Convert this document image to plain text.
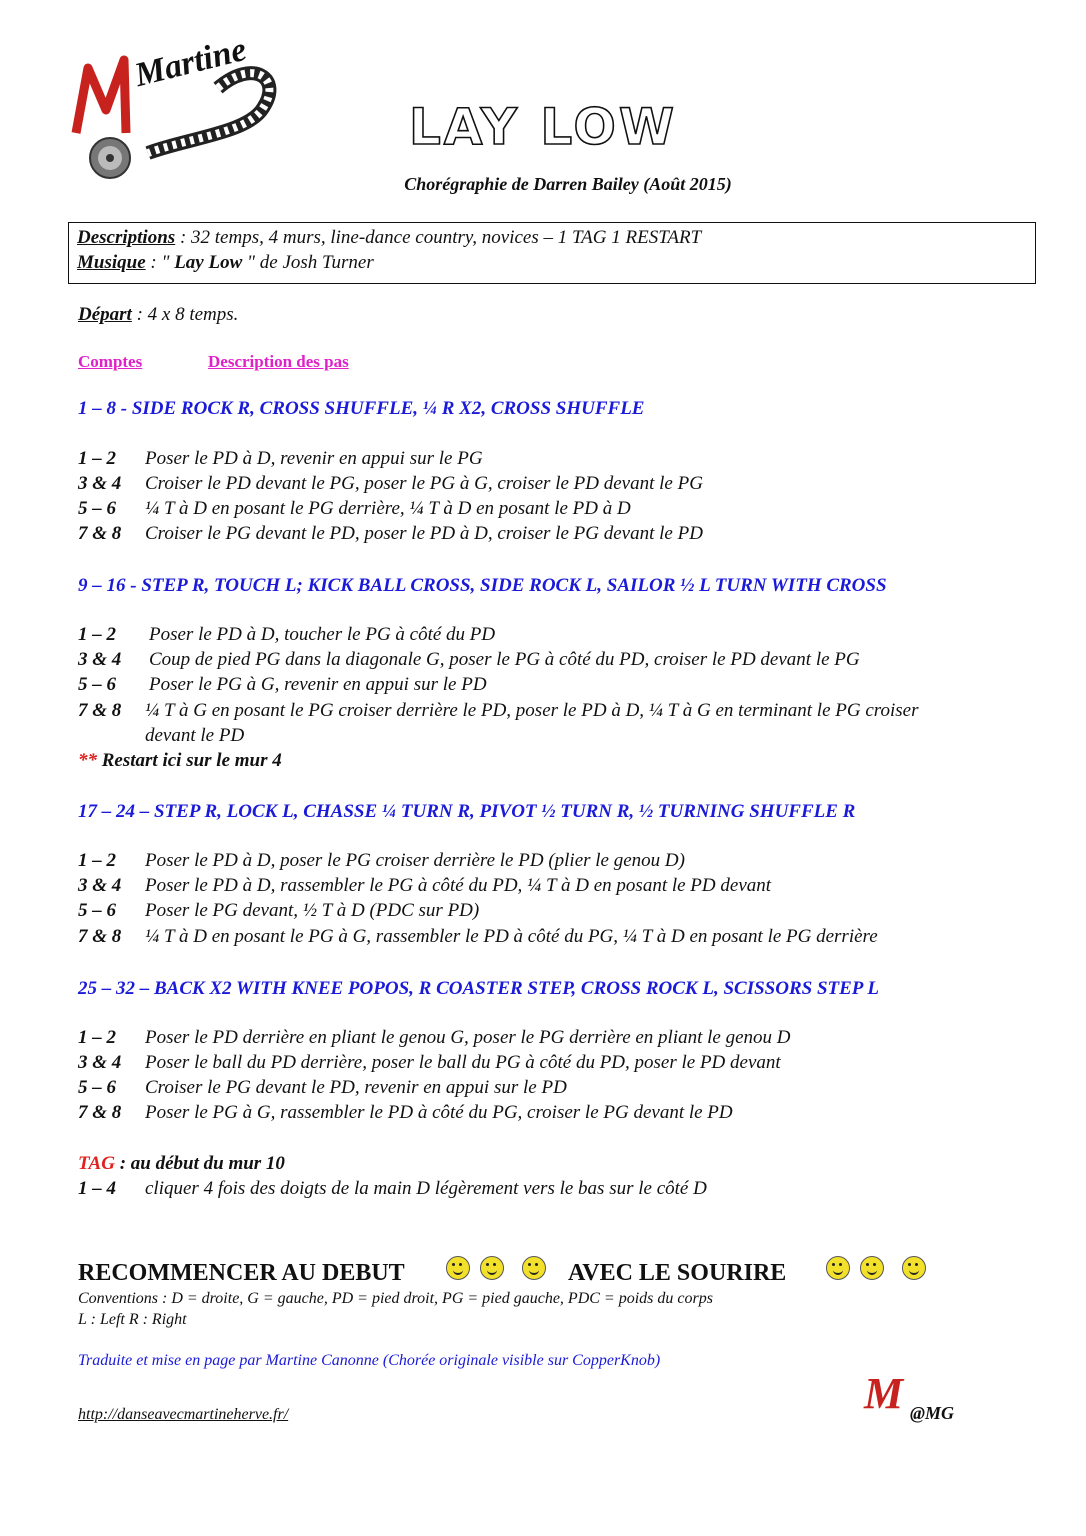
Martine
LAY LOW
Chorégraphie de Darren Bailey (Août 2015)
Descriptions : 32 temps, 4 murs, line-dance country, novices – 1 TAG 1 RESTART
Musique : " Lay Low " de Josh Turner
Départ : 4 x 8 temps.
Comptes	Description des pas
1 – 8 - SIDE ROCK R, CROSS SHUFFLE, ¼ R X2, CROSS SHUFFLE
1 – 2 Poser le PD à D, revenir en appui sur le PG
3 & 4 Croiser le PD devant le PG, poser le PG à G, croiser le PD devant le PG
5 – 6 ¼ T à D en posant le PG derrière, ¼ T à D en posant le PD à D
7 & 8 Croiser le PG devant le PD, poser le PD à D, croiser le PG devant le PD
9 – 16 - STEP R, TOUCH L; KICK BALL CROSS, SIDE ROCK L, SAILOR ½ L TURN WITH CROSS
1 – 2 Poser le PD à D, toucher le PG à côté du PD
3 & 4 Coup de pied PG dans la diagonale G, poser le PG à côté du PD, croiser le PD devant le PG
5 – 6 Poser le PG à G, revenir en appui sur le PD
7 & 8 ¼ T à G en posant le PG croiser derrière le PD, poser le PD à D, ¼ T à G en terminant le PG croiser
devant le PD
** Restart ici sur le mur 4
17 – 24 – STEP R, LOCK L, CHASSE ¼ TURN R, PIVOT ½ TURN R, ½ TURNING SHUFFLE R
1 – 2 Poser le PD à D, poser le PG croiser derrière le PD (plier le genou D)
3 & 4 Poser le PD à D, rassembler le PG à côté du PD, ¼ T à D en posant le PD devant
5 – 6 Poser le PG devant, ½ T à D (PDC sur PD)
7 & 8 ¼ T à D en posant le PG à G, rassembler le PD à côté du PG, ¼ T à D en posant le PG derrière
25 – 32 – BACK X2 WITH KNEE POPOS, R COASTER STEP, CROSS ROCK L, SCISSORS STEP L
1 – 2 Poser le PD derrière en pliant le genou G, poser le PG derrière en pliant le genou D
3 & 4 Poser le ball du PD derrière, poser le ball du PG à côté du PD, poser le PD devant
5 – 6 Croiser le PG devant le PD, revenir en appui sur le PD
7 & 8 Poser le PG à G, rassembler le PD à côté du PG, croiser le PG devant le PD
TAG : au début du mur 10
1 – 4 cliquer 4 fois des doigts de la main D légèrement vers le bas sur le côté D
RECOMMENCER AU DEBUT
	AVEC LE SOURIRE

Conventions : D = droite, G = gauche, PD = pied droit, PG = pied gauche, PDC = poids du corps
L : Left R : Right
Traduite et mise en page par Martine Canonne (Chorée originale visible sur CopperKnob)
http://danseavecmartineherve.fr/	M @MG
